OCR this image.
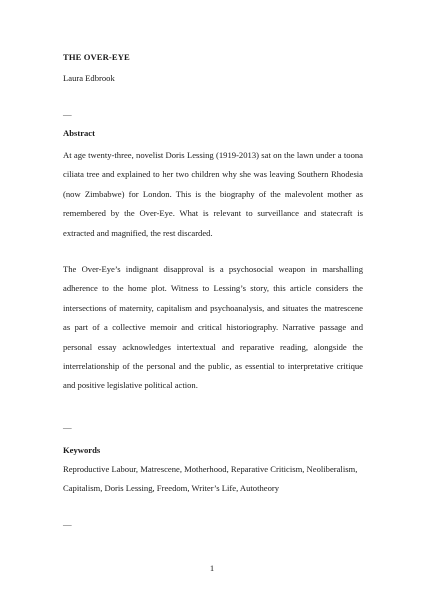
THE OVER-EYE

Laura Edbrook

—

Abstract

At age twenty-three, novelist Doris Lessing (1919-2013) sat on the lawn under a toona ciliata tree and explained to her two children why she was leaving Southern Rhodesia (now Zimbabwe) for London. This is the biography of the malevolent mother as remembered by the Over-Eye. What is relevant to surveillance and statecraft is extracted and magnified, the rest discarded.

The Over-Eye’s indignant disapproval is a psychosocial weapon in marshalling adherence to the home plot. Witness to Lessing’s story, this article considers the intersections of maternity, capitalism and psychoanalysis, and situates the matrescene as part of a collective memoir and critical historiography. Narrative passage and personal essay acknowledges intertextual and reparative reading, alongside the interrelationship of the personal and the public, as essential to interpretative critique and positive legislative political action.

—

Keywords

Reproductive Labour, Matrescene, Motherhood, Reparative Criticism, Neoliberalism, Capitalism, Doris Lessing, Freedom, Writer’s Life, Autotheory

—

1
